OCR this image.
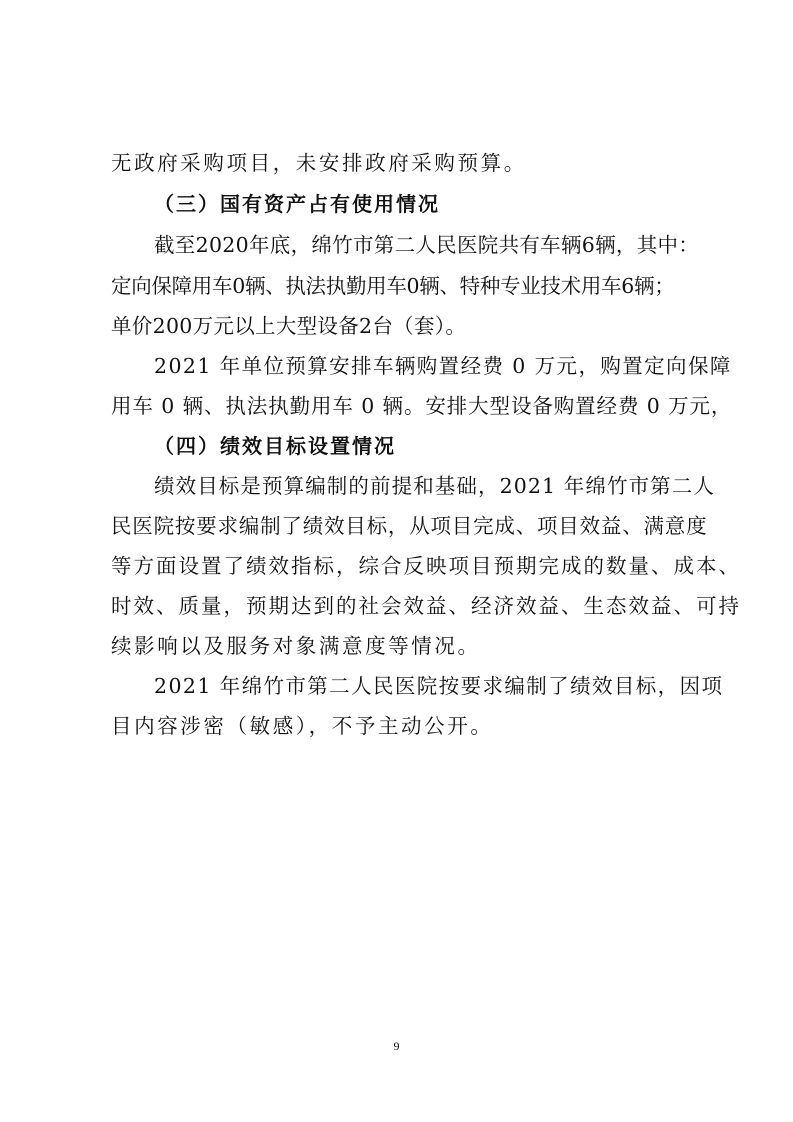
无政府采购项目，未安排政府采购预算。
（三）国有资产占有使用情况
截至2020年底，绵竹市第二人民医院共有车辆6辆，其中：
定向保障用车0辆、执法执勤用车0辆、特种专业技术用车6辆；
单价200万元以上大型设备2台（套）。
2021 年单位预算安排车辆购置经费 0 万元，购置定向保障
用车 0 辆、执法执勤用车 0 辆。安排大型设备购置经费 0 万元，
（四）绩效目标设置情况
绩效目标是预算编制的前提和基础，2021 年绵竹市第二人
民医院按要求编制了绩效目标，从项目完成、项目效益、满意度
等方面设置了绩效指标，综合反映项目预期完成的数量、成本、
时效、质量，预期达到的社会效益、经济效益、生态效益、可持
续影响以及服务对象满意度等情况。
2021 年绵竹市第二人民医院按要求编制了绩效目标，因项
目内容涉密（敏感），不予主动公开。
9
